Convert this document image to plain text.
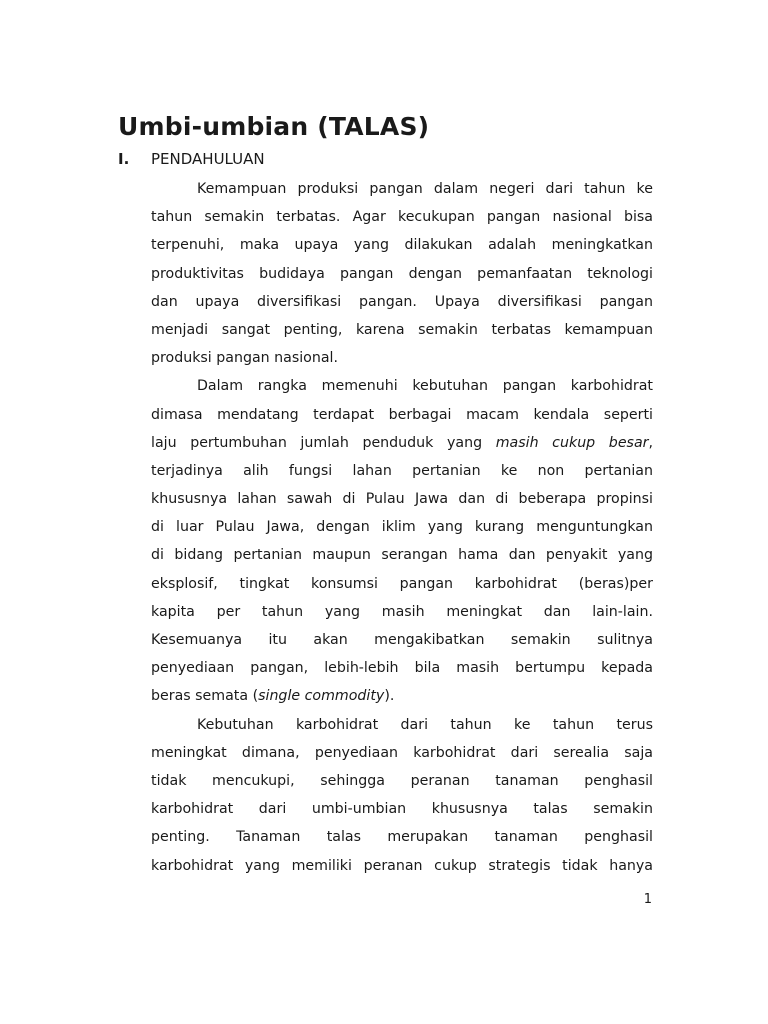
Umbi-umbian (TALAS)
I. PENDAHULUAN
Kemampuan produksi pangan dalam negeri dari tahun ke
tahun semakin terbatas. Agar kecukupan pangan nasional bisa
terpenuhi, maka upaya yang dilakukan adalah meningkatkan
produktivitas budidaya pangan dengan pemanfaatan teknologi
dan upaya diversifikasi pangan. Upaya diversifikasi pangan
menjadi sangat penting, karena semakin terbatas kemampuan
produksi pangan nasional.
Dalam rangka memenuhi kebutuhan pangan karbohidrat
dimasa mendatang terdapat berbagai macam kendala seperti
laju pertumbuhan jumlah penduduk yang masih cukup besar,
terjadinya alih fungsi lahan pertanian ke non pertanian
khususnya lahan sawah di Pulau Jawa dan di beberapa propinsi
di luar Pulau Jawa, dengan iklim yang kurang menguntungkan
di bidang pertanian maupun serangan hama dan penyakit yang
eksplosif, tingkat konsumsi pangan karbohidrat (beras)per
kapita per tahun yang masih meningkat dan lain-lain.
Kesemuanya itu akan mengakibatkan semakin sulitnya
penyediaan pangan, lebih-lebih bila masih bertumpu kepada
beras semata (single commodity).
Kebutuhan karbohidrat dari tahun ke tahun terus
meningkat dimana, penyediaan karbohidrat dari serealia saja
tidak mencukupi, sehingga peranan tanaman penghasil
karbohidrat dari umbi-umbian khususnya talas semakin
penting. Tanaman talas merupakan tanaman penghasil
karbohidrat yang memiliki peranan cukup strategis tidak hanya
1
